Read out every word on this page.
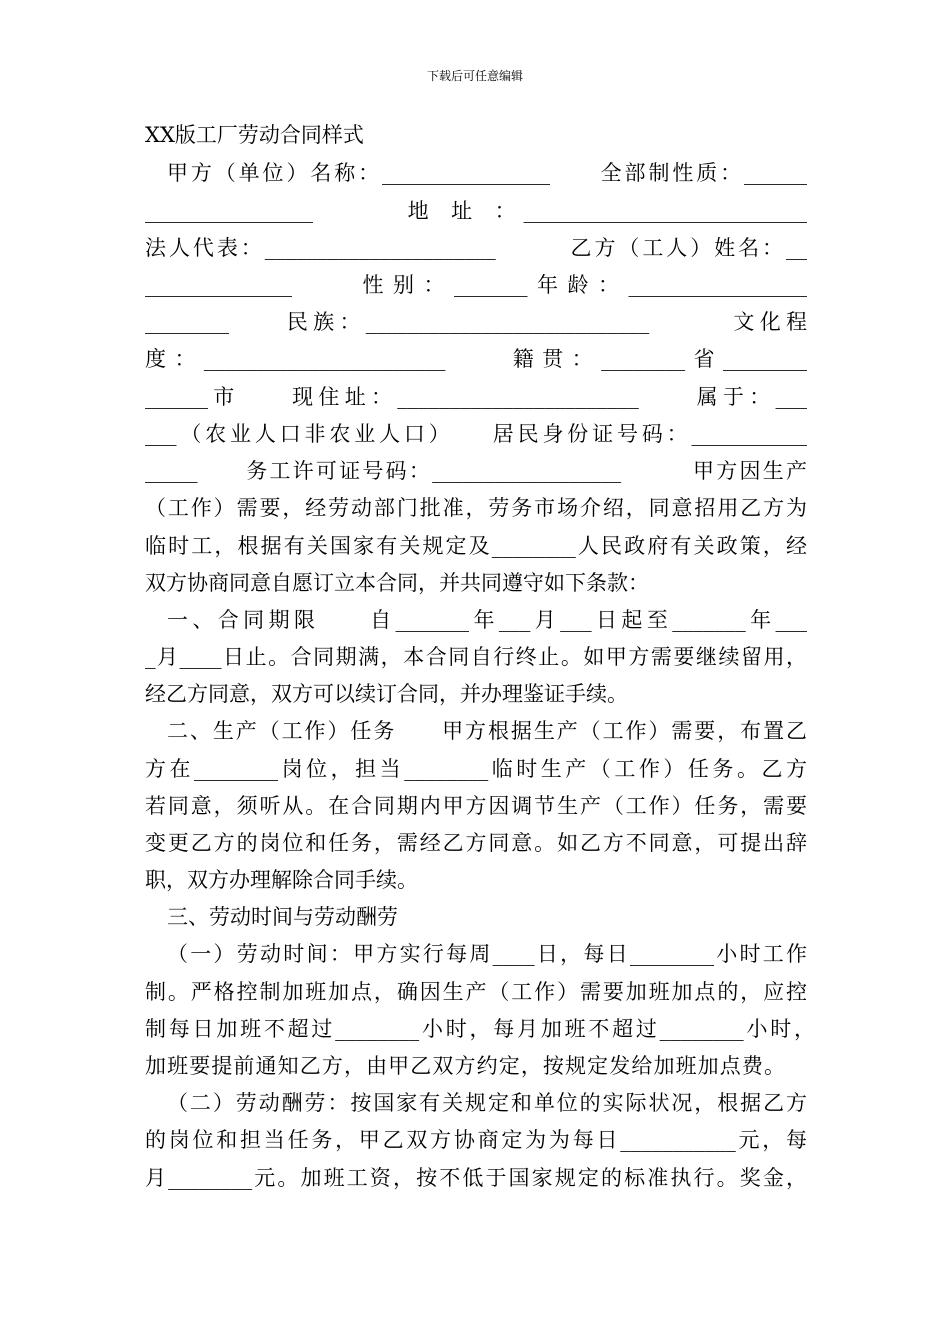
下载后可任意编辑
XX版工厂劳动合同样式
甲方（单位）名称：________________　　全部制性质：______
________________　　　地 址 ：___________________________
法人代表：______________________　　　乙方（工人）姓名：__
______________　　性别：_______年龄：_________________
________　　民族：___________________________　　　文化程
度：_______________________　　籍贯：________省________
______市　　现住址：_______________________　　属于：___
___（农业人口非农业人口）　　居民身份证号码：___________
_____　　务工许可证号码：__________________　　　甲方因生产
（工作）需要，经劳动部门批准，劳务市场介绍，同意招用乙方为
临时工，根据有关国家有关规定及________人民政府有关政策，经
双方协商同意自愿订立本合同，并共同遵守如下条款：
一、合同期限　　自_______年___月___日起至_______年___
_月____日止。合同期满，本合同自行终止。如甲方需要继续留用，
经乙方同意，双方可以续订合同，并办理鉴证手续。
二、生产（工作）任务　　甲方根据生产（工作）需要，布置乙
方在________岗位，担当________临时生产（工作）任务。乙方
若同意，须听从。在合同期内甲方因调节生产（工作）任务，需要
变更乙方的岗位和任务，需经乙方同意。如乙方不同意，可提出辞
职，双方办理解除合同手续。
三、劳动时间与劳动酬劳
（一）劳动时间：甲方实行每周____日，每日________小时工作
制。严格控制加班加点，确因生产（工作）需要加班加点的，应控
制每日加班不超过________小时，每月加班不超过________小时，
加班要提前通知乙方，由甲乙双方约定，按规定发给加班加点费。
（二）劳动酬劳：按国家有关规定和单位的实际状况，根据乙方
的岗位和担当任务，甲乙双方协商定为为每日___________元，每
月________元。加班工资，按不低于国家规定的标准执行。奖金，
